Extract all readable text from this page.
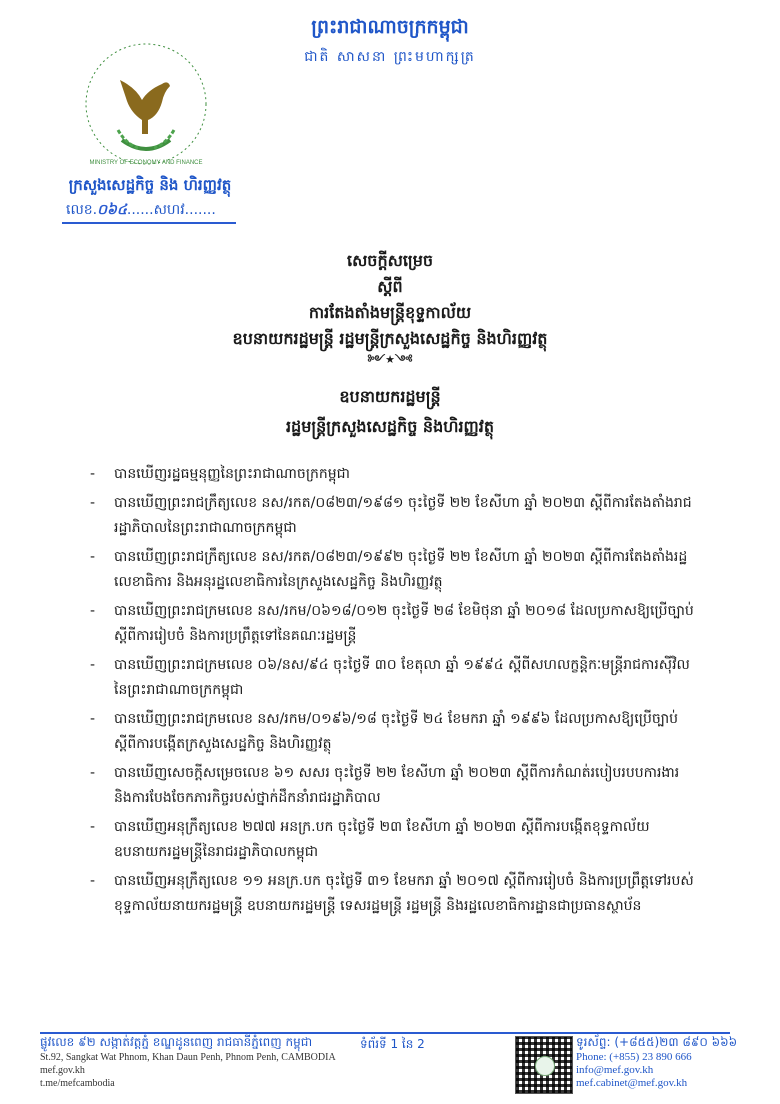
MINISTRY OF ECONOMY AND FINANCE
ក្រសួងសេដ្ឋកិច្ច និង ហិរញ្ញវត្ថុ
លេខ.០៦៤......សហវ.......
ព្រះរាជាណាចក្រកម្ពុជា
ជាតិ សាសនា ព្រះមហាក្សត្រ
សេចក្តីសម្រេច
ស្តីពី
ការតែងតាំងមន្ត្រីខុទ្ទកាល័យ
ឧបនាយករដ្ឋមន្ត្រី រដ្ឋមន្ត្រីក្រសួងសេដ្ឋកិច្ច និងហិរញ្ញវត្ថុ
༻★༺
ឧបនាយករដ្ឋមន្ត្រី
រដ្ឋមន្ត្រីក្រសួងសេដ្ឋកិច្ច និងហិរញ្ញវត្ថុ
- បានឃើញរដ្ឋធម្មនុញ្ញនៃព្រះរាជាណាចក្រកម្ពុជា
- បានឃើញព្រះរាជក្រឹត្យលេខ នស/រកត/០៨២៣/១៩៨១ ចុះថ្ងៃទី ២២ ខែសីហា ឆ្នាំ ២០២៣ ស្តីពីការតែងតាំងរាជរដ្ឋាភិបាលនៃព្រះរាជាណាចក្រកម្ពុជា
- បានឃើញព្រះរាជក្រឹត្យលេខ នស/រកត/០៨២៣/១៩៩២ ចុះថ្ងៃទី ២២ ខែសីហា ឆ្នាំ ២០២៣ ស្តីពីការតែងតាំងរដ្ឋលេខាធិការ និងអនុរដ្ឋលេខាធិការនៃក្រសួងសេដ្ឋកិច្ច និងហិរញ្ញវត្ថុ
- បានឃើញព្រះរាជក្រមលេខ នស/រកម/០៦១៨/០១២ ចុះថ្ងៃទី ២៨ ខែមិថុនា ឆ្នាំ ២០១៨ ដែលប្រកាសឱ្យប្រើច្បាប់ស្តីពីការរៀបចំ និងការប្រព្រឹត្តទៅនៃគណៈរដ្ឋមន្ត្រី
- បានឃើញព្រះរាជក្រមលេខ ០៦/នស/៩៤ ចុះថ្ងៃទី ៣០ ខែតុលា ឆ្នាំ ១៩៩៤ ស្តីពីសហលក្ខន្តិកៈមន្ត្រីរាជការស៊ីវិលនៃព្រះរាជាណាចក្រកម្ពុជា
- បានឃើញព្រះរាជក្រមលេខ នស/រកម/០១៩៦/១៨ ចុះថ្ងៃទី ២៤ ខែមករា ឆ្នាំ ១៩៩៦ ដែលប្រកាសឱ្យប្រើច្បាប់ស្តីពីការបង្កើតក្រសួងសេដ្ឋកិច្ច និងហិរញ្ញវត្ថុ
- បានឃើញសេចក្តីសម្រេចលេខ ៦១ សសរ ចុះថ្ងៃទី ២២ ខែសីហា ឆ្នាំ ២០២៣ ស្តីពីការកំណត់របៀបរបបការងារ និងការបែងចែកភារកិច្ចរបស់ថ្នាក់ដឹកនាំរាជរដ្ឋាភិបាល
- បានឃើញអនុក្រឹត្យលេខ ២៧៧ អនក្រ.បក ចុះថ្ងៃទី ២៣ ខែសីហា ឆ្នាំ ២០២៣ ស្តីពីការបង្កើតខុទ្ទកាល័យឧបនាយករដ្ឋមន្ត្រីនៃរាជរដ្ឋាភិបាលកម្ពុជា
- បានឃើញអនុក្រឹត្យលេខ ១១ អនក្រ.បក ចុះថ្ងៃទី ៣១ ខែមករា ឆ្នាំ ២០១៧ ស្តីពីការរៀបចំ និងការប្រព្រឹត្តទៅរបស់ខុទ្ទកាល័យនាយករដ្ឋមន្ត្រី ឧបនាយករដ្ឋមន្ត្រី ទេសរដ្ឋមន្ត្រី រដ្ឋមន្ត្រី និងរដ្ឋលេខាធិការដ្ឋានជាប្រធានស្ថាប័ន
ផ្លូវលេខ ៩២ សង្កាត់វត្តភ្នំ ខណ្ឌដូនពេញ រាជធានីភ្នំពេញ កម្ពុជា
St.92, Sangkat Wat Phnom, Khan Daun Penh, Phnom Penh, CAMBODIA
mef.gov.kh
t.me/mefcambodia
ទំព័រទី 1 នៃ 2	ទូរស័ព្ទ: (+៨៥៥)២៣ ៨៩០ ៦៦៦
Phone: (+855) 23 890 666
info@mef.gov.kh
mef.cabinet@mef.gov.kh
